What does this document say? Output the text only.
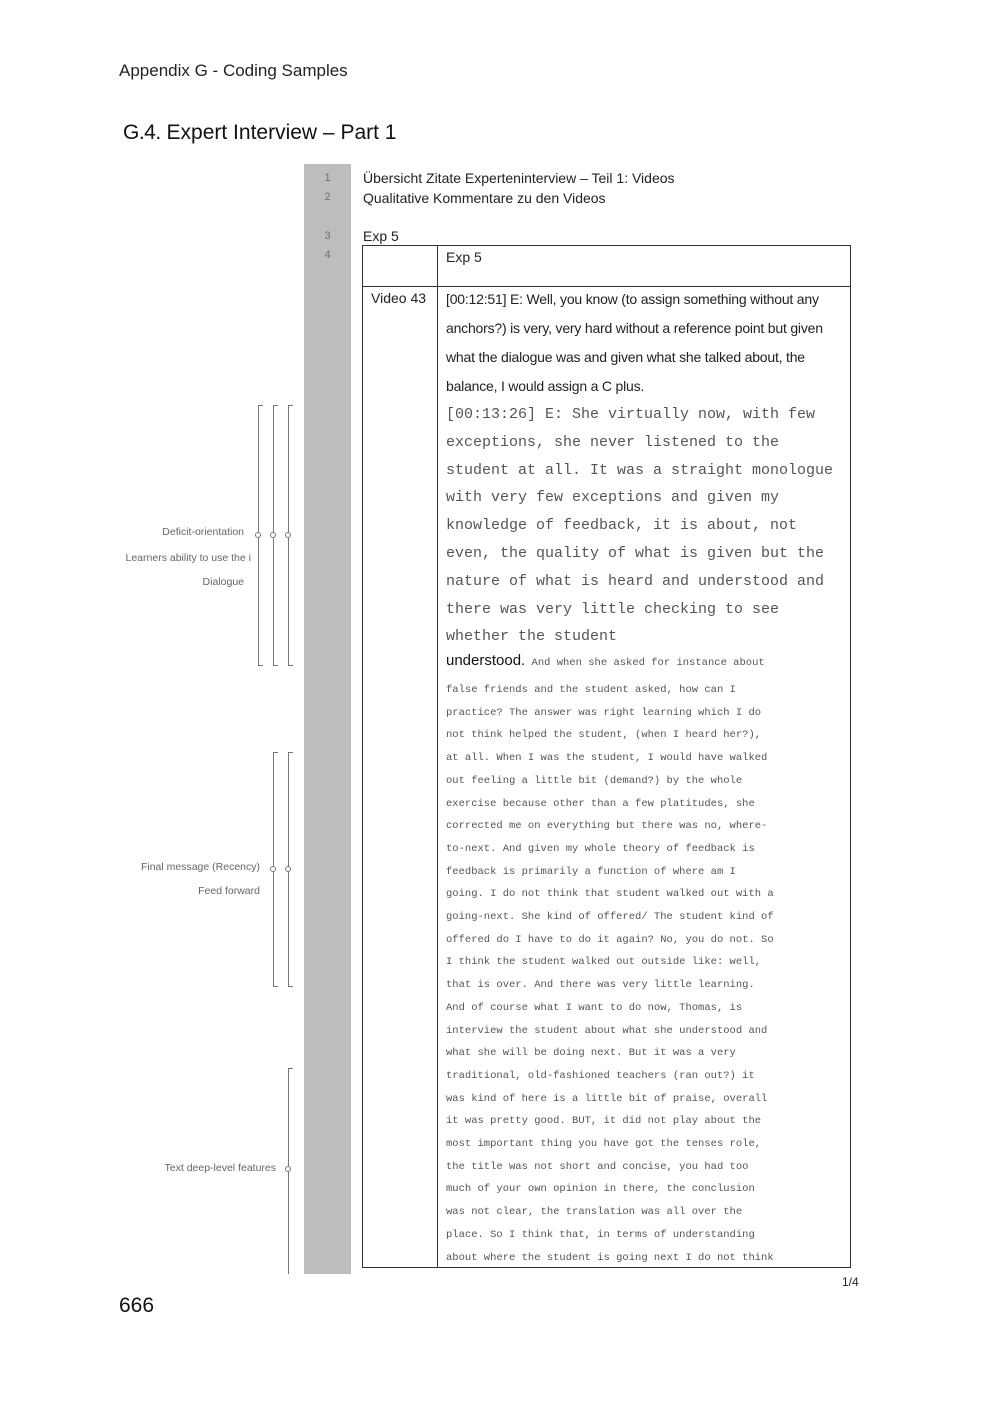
Appendix G - Coding Samples
G.4. Expert Interview – Part 1
1
2
3
4
Übersicht Zitate Experteninterview – Teil 1: Videos
Qualitative Kommentare zu den Videos
Exp 5
Exp 5
Video 43 [00:12:51] E: Well, you know (to assign something without any anchors?) is very, very hard without a reference point but given what the dialogue was and given what she talked about, the balance, I would assign a C plus.
[00:13:26] E: She virtually now, with few exceptions, she never listened to the student at all. It was a straight monologue with very few exceptions and given my knowledge of feedback, it is about, not even, the quality of what is given but the nature of what is heard and understood and there was very little checking to see whether the student
understood. And when she asked for instance about
false friends and the student asked, how can I
practice? The answer was right learning which I do
not think helped the student, (when I heard her?),
at all. When I was the student, I would have walked
out feeling a little bit (demand?) by the whole
exercise because other than a few platitudes, she
corrected me on everything but there was no, where-
to-next. And given my whole theory of feedback is
feedback is primarily a function of where am I
going. I do not think that student walked out with a
going-next. She kind of offered/ The student kind of
offered do I have to do it again? No, you do not. So
I think the student walked out outside like: well,
that is over. And there was very little learning.
And of course what I want to do now, Thomas, is
interview the student about what she understood and
what she will be doing next. But it was a very
traditional, old-fashioned teachers (ran out?) it
was kind of here is a little bit of praise, overall
it was pretty good. BUT, it did not play about the
most important thing you have got the tenses role,
the title was not short and concise, you had too
much of your own opinion in there, the conclusion
was not clear, the translation was all over the
place. So I think that, in terms of understanding
about where the student is going next I do not think
Deficit-orientation
Learners ability to use the i
Dialogue
Final message (Recency)
Feed forward
Text deep-level features
1/4
666
